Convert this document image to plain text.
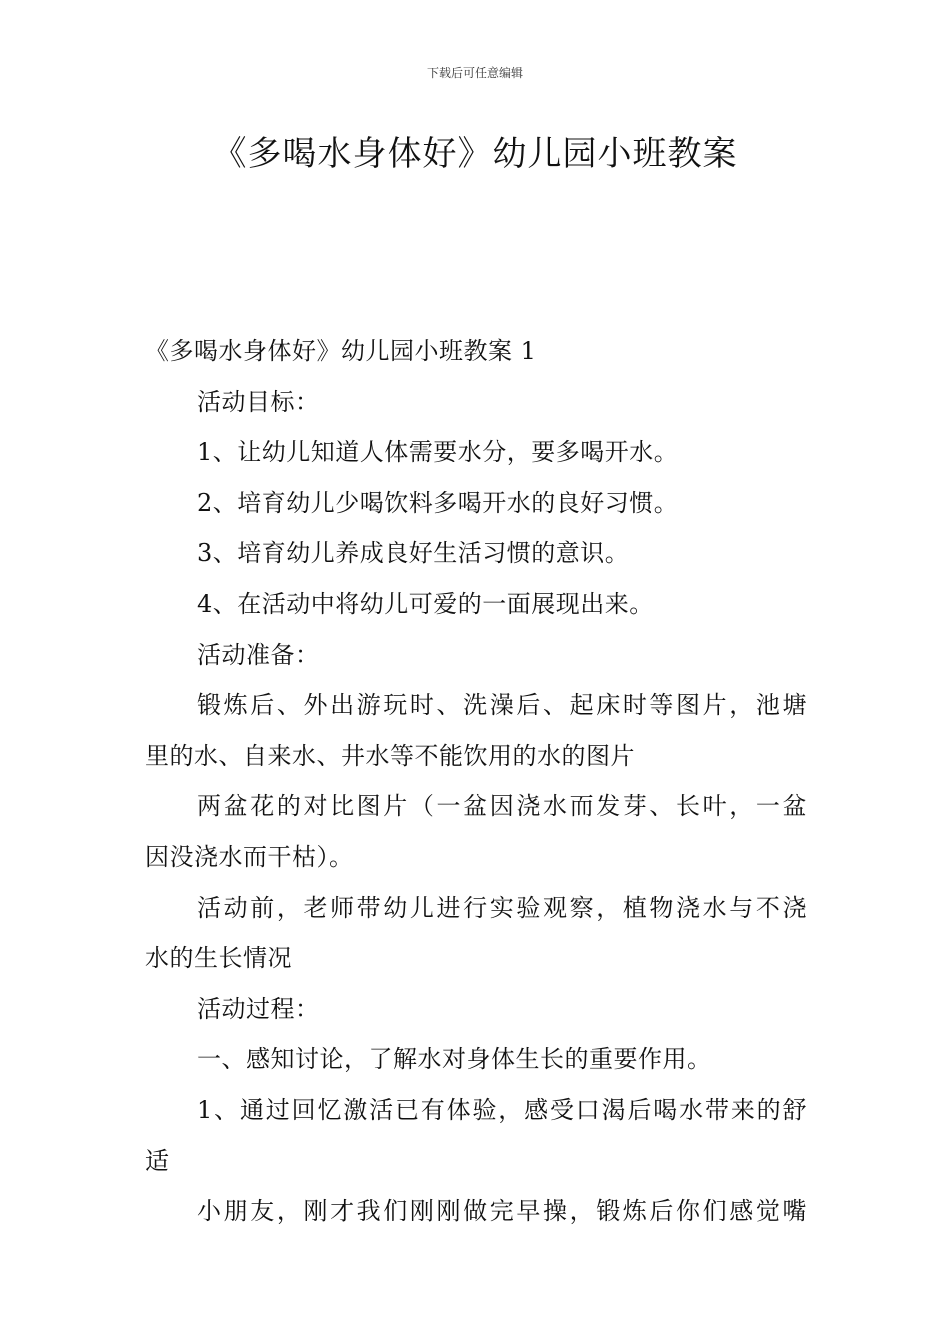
下载后可任意编辑
《多喝水身体好》幼儿园小班教案
《多喝水身体好》幼儿园小班教案 1
活动目标：
1、让幼儿知道人体需要水分，要多喝开水。
2、培育幼儿少喝饮料多喝开水的良好习惯。
3、培育幼儿养成良好生活习惯的意识。
4、在活动中将幼儿可爱的一面展现出来。
活动准备：
锻炼后、外出游玩时、洗澡后、起床时等图片，池塘
里的水、自来水、井水等不能饮用的水的图片
两盆花的对比图片（一盆因浇水而发芽、长叶，一盆
因没浇水而干枯）。
活动前，老师带幼儿进行实验观察，植物浇水与不浇
水的生长情况
活动过程：
一、感知讨论，了解水对身体生长的重要作用。
1、通过回忆激活已有体验，感受口渴后喝水带来的舒
适
小朋友，刚才我们刚刚做完早操，锻炼后你们感觉嘴
